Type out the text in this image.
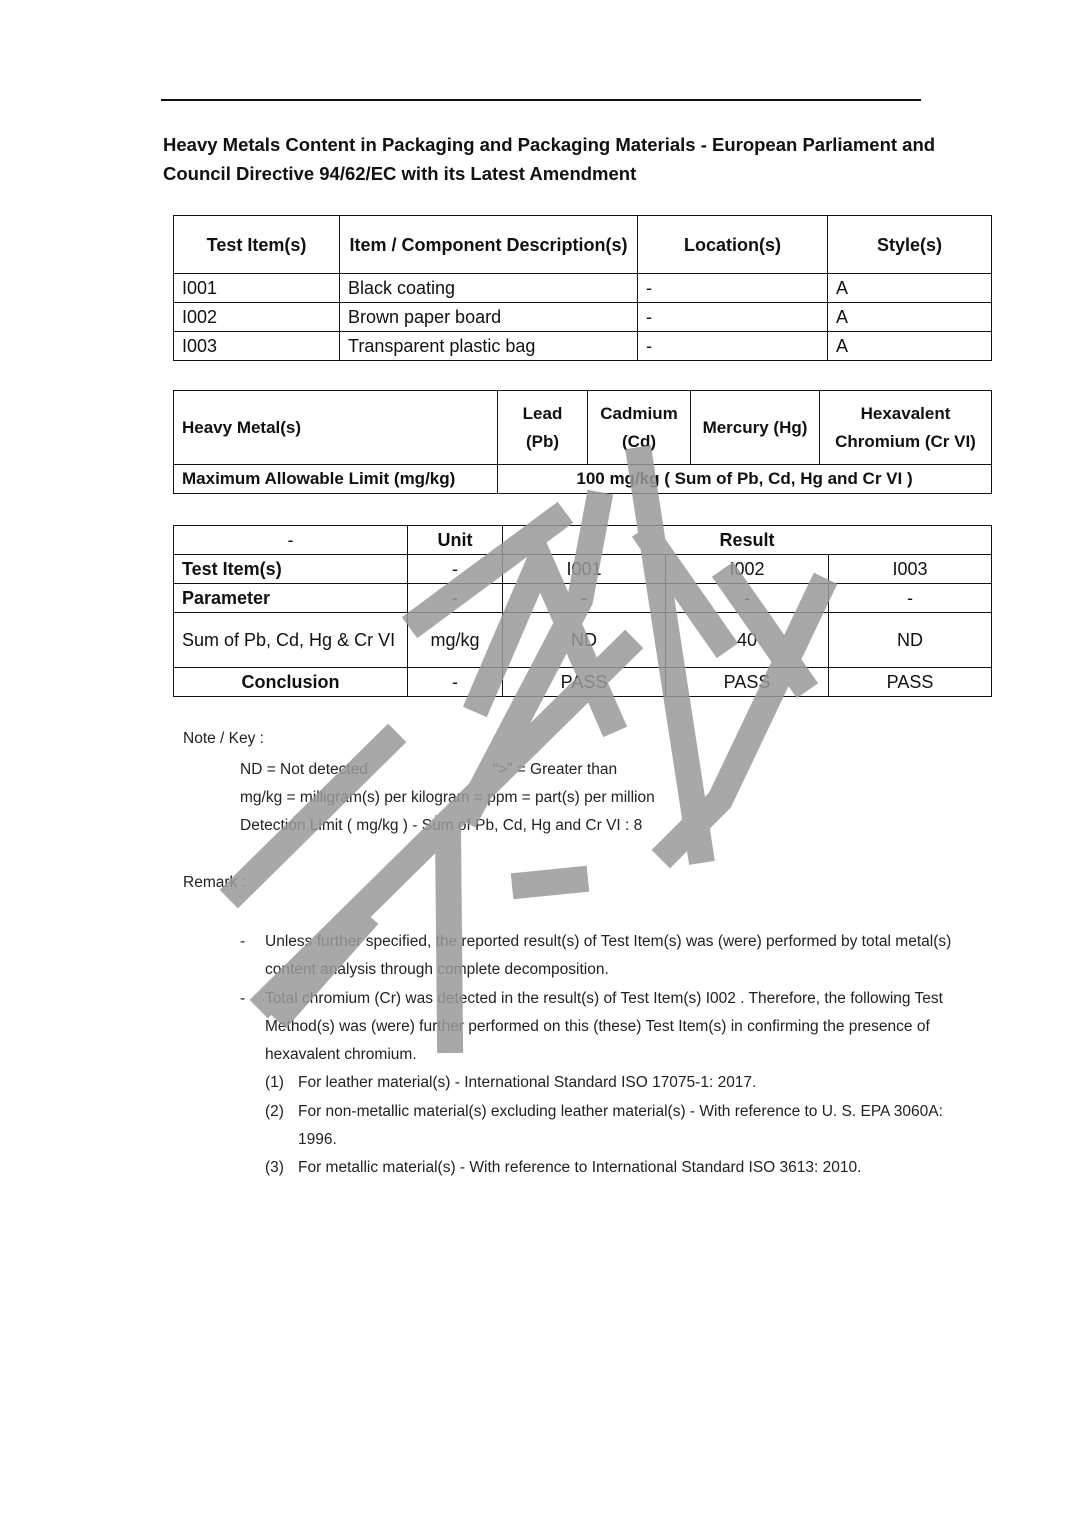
Heavy Metals Content in Packaging and Packaging Materials - European Parliament and Council Directive 94/62/EC with its Latest Amendment
Test Item(s)	Item / Component Description(s)	Location(s)	Style(s)
I001	Black coating	-	A
I002	Brown paper board	-	A
I003	Transparent plastic bag	-	A
Heavy Metal(s)	Lead (Pb)	Cadmium (Cd)	Mercury (Hg)	Hexavalent Chromium (Cr VI)
Maximum Allowable Limit (mg/kg)	100 mg/kg ( Sum of Pb, Cd, Hg and Cr VI )			
-	Unit	Result		
Test Item(s)	-	I001	I002	I003
Parameter	-	-	-	-
Sum of Pb, Cd, Hg & Cr VI	mg/kg	ND	40	ND
Conclusion	-	PASS	PASS	PASS

Note / Key :

ND = Not detected	“>” = Greater than

mg/kg = milligram(s) per kilogram = ppm = part(s) per million

Detection Limit ( mg/kg ) - Sum of Pb, Cd, Hg and Cr VI : 8

Remark :

- Unless further specified, the reported result(s) of Test Item(s) was (were) performed by total metal(s) content analysis through complete decomposition.

- Total chromium (Cr) was detected in the result(s) of Test Item(s) I002 . Therefore, the following Test Method(s) was (were) further performed on this (these) Test Item(s) in confirming the presence of hexavalent chromium.

(1) For leather material(s) - International Standard ISO 17075-1: 2017.

(2) For non-metallic material(s) excluding leather material(s) - With reference to U. S. EPA 3060A: 1996.

(3) For metallic material(s) - With reference to International Standard ISO 3613: 2010.
